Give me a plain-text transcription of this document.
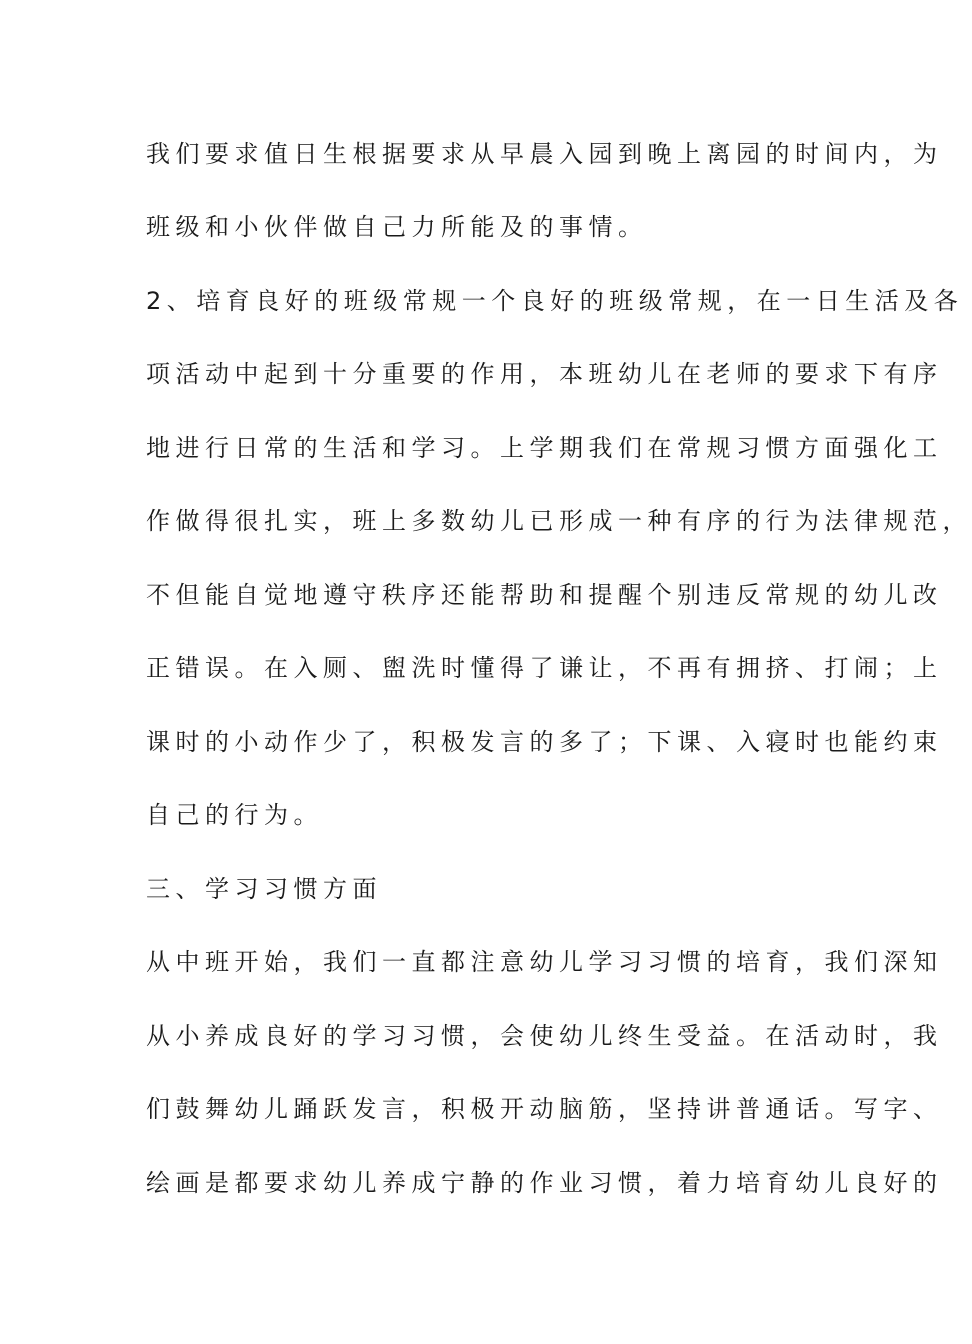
我们要求值日生根据要求从早晨入园到晚上离园的时间内，为
班级和小伙伴做自己力所能及的事情。
2、培育良好的班级常规一个良好的班级常规，在一日生活及各
项活动中起到十分重要的作用，本班幼儿在老师的要求下有序
地进行日常的生活和学习。上学期我们在常规习惯方面强化工
作做得很扎实，班上多数幼儿已形成一种有序的行为法律规范，
不但能自觉地遵守秩序还能帮助和提醒个别违反常规的幼儿改
正错误。在入厕、盥洗时懂得了谦让，不再有拥挤、打闹；上
课时的小动作少了，积极发言的多了；下课、入寝时也能约束
自己的行为。
三、学习习惯方面
从中班开始，我们一直都注意幼儿学习习惯的培育，我们深知
从小养成良好的学习习惯，会使幼儿终生受益。在活动时，我
们鼓舞幼儿踊跃发言，积极开动脑筋，坚持讲普通话。写字、
绘画是都要求幼儿养成宁静的作业习惯，着力培育幼儿良好的
